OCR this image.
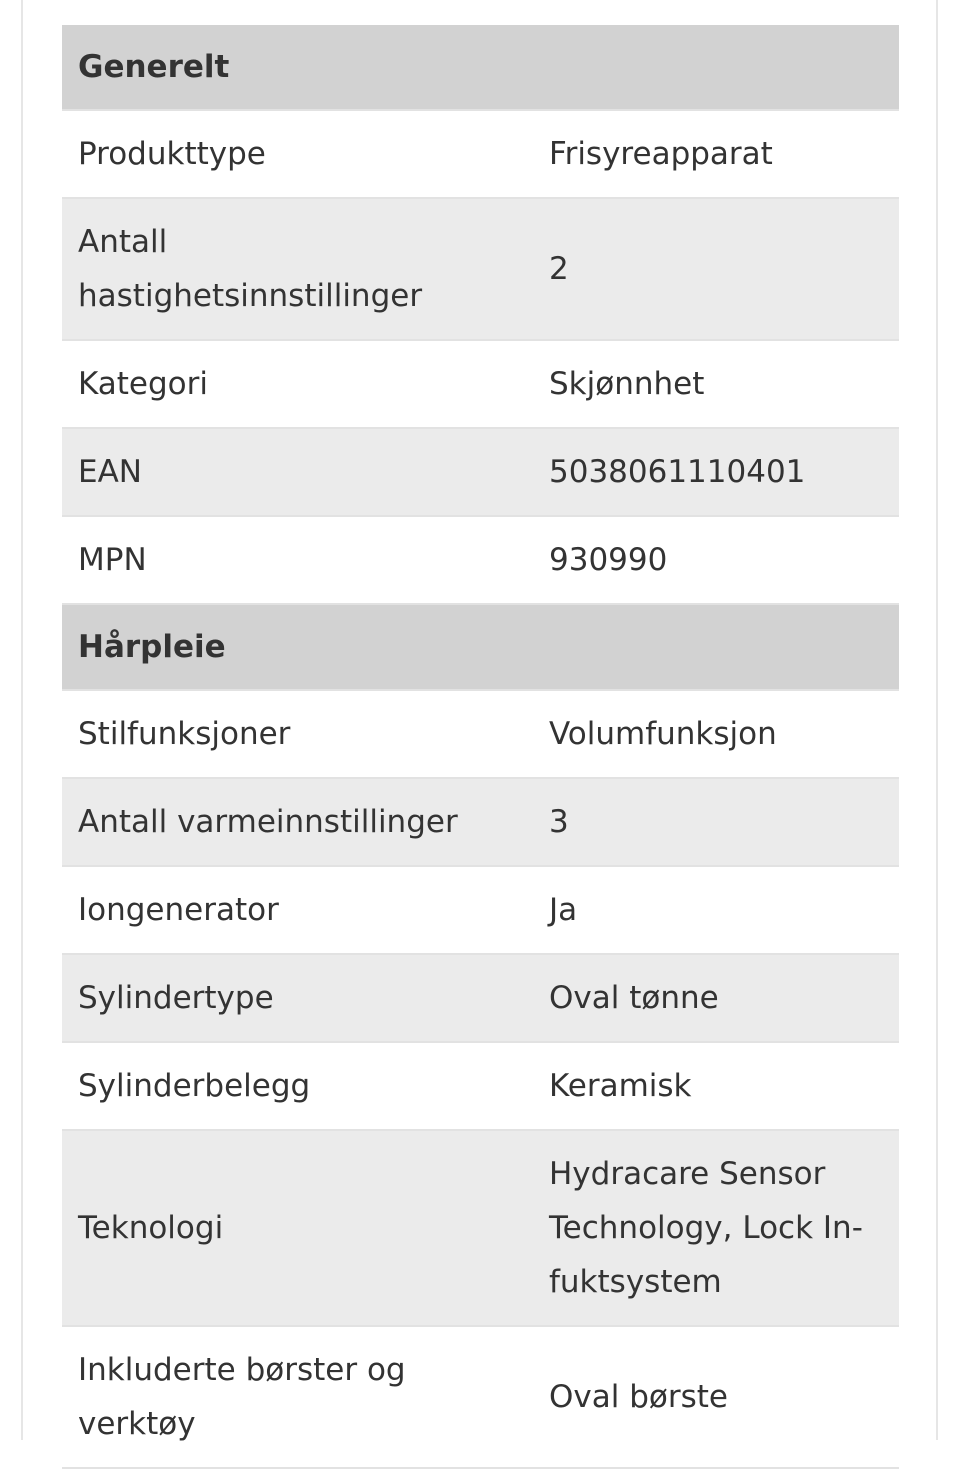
Generelt	
Produkttype	Frisyreapparat
Antall hastighetsinnstillinger	2
Kategori	Skjønnhet
EAN	5038061110401
MPN	930990
Hårpleie	
Stilfunksjoner	Volumfunksjon
Antall varmeinnstillinger	3
Iongenerator	Ja
Sylindertype	Oval tønne
Sylinderbelegg	Keramisk
Teknologi	Hydracare Sensor Technology, Lock In-fuktsystem
Inkluderte børster og verktøy	Oval børste
